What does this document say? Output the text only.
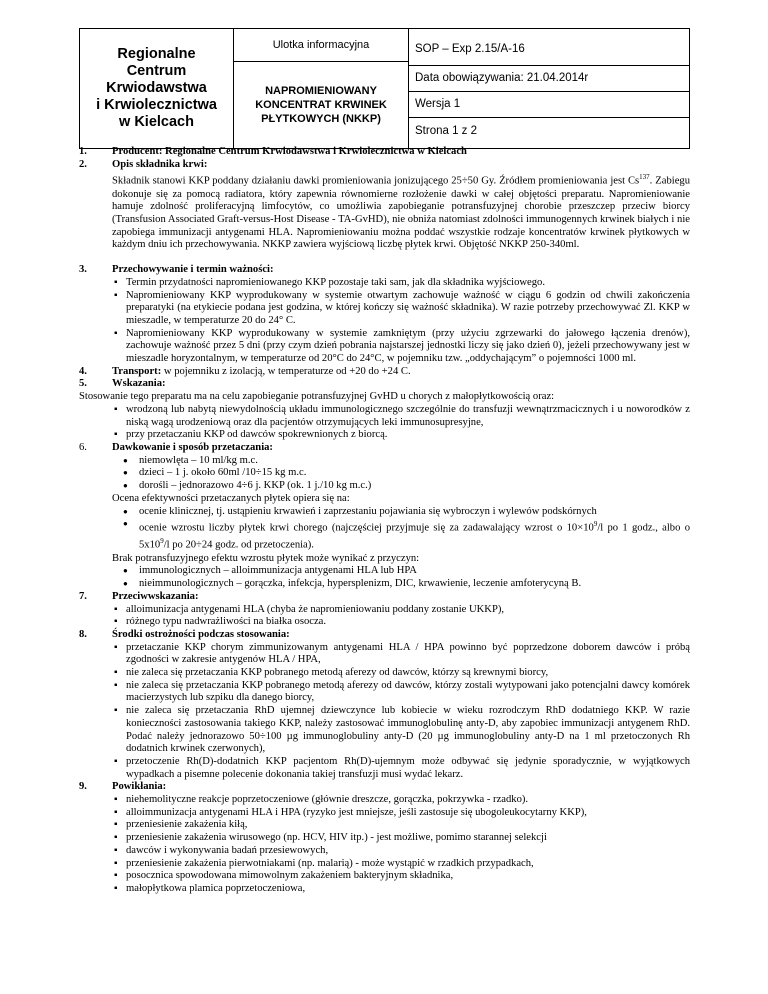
Regionalne
Centrum
Krwiodawstwa
i Krwiolecznictwa
w Kielcach

Ulotka informacyjna
NAPROMIENIOWANY KONCENTRAT KRWINEK PŁYTKOWYCH (NKKP)

SOP – Exp 2.15/A-16
Data obowiązywania: 21.04.2014r
Wersja 1
Strona 1 z 2
1. Producent: Regionalne Centrum Krwiodawstwa i Krwiolecznictwa w Kielcach
2. Opis składnika krwi:
Składnik stanowi KKP poddany działaniu dawki promieniowania jonizującego 25÷50 Gy. Źródłem promieniowania jest Cs$^{137}$. Zabiegu dokonuje się za pomocą radiatora, który zapewnia równomierne rozłożenie dawki w całej objętości preparatu. Napromieniowanie hamuje zdolność proliferacyjną limfocytów, co umożliwia zapobieganie potransfuzyjnej chorobie przeszczep przeciw biorcy (Transfusion Associated Graft-versus-Host Disease - TA-GvHD), nie obniża natomiast zdolności immunogennych krwinek białych i nie zapobiega immunizacji antygenami HLA. Napromieniowaniu można poddać wszystkie rodzaje koncentratów krwinek płytkowych w każdym dniu ich przechowywania. NKKP zawiera wyjściową liczbę płytek krwi. Objętość NKKP 250-340ml.
3. Przechowywanie i termin ważności:
▪ Termin przydatności napromieniowanego KKP pozostaje taki sam, jak dla składnika wyjściowego.
▪ Napromieniowany KKP wyprodukowany w systemie otwartym zachowuje ważność w ciągu 6 godzin od chwili zakończenia preparatyki (na etykiecie podana jest godzina, w której kończy się ważność składnika). W razie potrzeby przechowywać Zl. KKP w mieszadle, w temperaturze 20 do 24° C.
▪ Napromieniowany KKP wyprodukowany w systemie zamkniętym (przy użyciu zgrzewarki do jałowego łączenia drenów), zachowuje ważność przez 5 dni (przy czym dzień pobrania najstarszej jednostki liczy się jako dzień 0), jeżeli przechowywany jest w mieszadle horyzontalnym, w temperaturze od 20°C do 24°C, w pojemniku tzw. „oddychającym” o pojemności 1000 ml.
4. Transport: w pojemniku z izolacją, w temperaturze od +20 do +24 C.
5. Wskazania:
Stosowanie tego preparatu ma na celu zapobieganie potransfuzyjnej GvHD u chorych z małopłytkowością oraz:
▪ wrodzoną lub nabytą niewydolnością układu immunologicznego szczególnie do transfuzji wewnątrzmacicznych i u noworodków z niską wagą urodzeniową oraz dla pacjentów otrzymujących leki immunosupresyjne,
▪ przy przetaczaniu KKP od dawców spokrewnionych z biorcą.
6. Dawkowanie i sposób przetaczania:
● niemowlęta – 10 ml/kg m.c.
● dzieci – 1 j. około 60ml /10÷15 kg m.c.
● dorośli – jednorazowo 4÷6 j. KKP (ok. 1 j./10 kg m.c.)
Ocena efektywności przetaczanych płytek opiera się na:
● ocenie klinicznej, tj. ustąpieniu krwawień i zaprzestaniu pojawiania się wybroczyn i wylewów podskórnych
● ocenie wzrostu liczby płytek krwi chorego (najczęściej przyjmuje się za zadawalający wzrost o $10\times 10^9/l$ po 1 godz., albo o $5x10^9/l$ po 20÷24 godz. od przetoczenia).
Brak potransfuzyjnego efektu wzrostu płytek może wynikać z przyczyn:
● immunologicznych – alloimmunizacja antygenami HLA lub HPA
● nieimmunologicznych – gorączka, infekcja, hypersplenizm, DIC, krwawienie, leczenie amfoterycyną B.
7. Przeciwwskazania:
▪ alloimunizacja antygenami HLA (chyba że napromieniowaniu poddany zostanie UKKP),
▪ różnego typu nadwrażliwości na białka osocza.
8. Środki ostrożności podczas stosowania:
▪ przetaczanie KKP chorym zimmunizowanym antygenami HLA / HPA powinno być poprzedzone doborem dawców i próbą zgodności w zakresie antygenów HLA / HPA,
▪ nie zaleca się przetaczania KKP pobranego metodą aferezy od dawców, którzy są krewnymi biorcy,
▪ nie zaleca się przetaczania KKP pobranego metodą aferezy od dawców, którzy zostali wytypowani jako potencjalni dawcy komórek macierzystych lub szpiku dla danego biorcy,
▪ nie zaleca się przetaczania RhD ujemnej dziewczynce lub kobiecie w wieku rozrodczym RhD dodatniego KKP. W razie konieczności zastosowania takiego KKP, należy zastosować immunoglobulinę anty-D, aby zapobiec immunizacji antygenem RhD. Podać należy jednorazowo 50÷100 µg immunoglobuliny anty-D (20 µg immunoglobuliny anty-D na 1 ml przetoczonych Rh dodatnich krwinek czerwonych),
▪ przetoczenie Rh(D)-dodatnich KKP pacjentom Rh(D)-ujemnym może odbywać się jedynie sporadycznie, w wyjątkowych wypadkach a pisemne polecenie dokonania takiej transfuzji musi wydać lekarz.
9. Powikłania:
▪ niehemolityczne reakcje poprzetoczeniowe (głównie dreszcze, gorączka, pokrzywka - rzadko).
▪ alloimmunizacja antygenami HLA i HPA (ryzyko jest mniejsze, jeśli zastosuje się ubogoleukocytarny KKP),
▪ przeniesienie zakażenia kiłą,
▪ przeniesienie zakażenia wirusowego (np. HCV, HIV itp.) - jest możliwe, pomimo starannej selekcji
▪ dawców i wykonywania badań przesiewowych,
▪ przeniesienie zakażenia pierwotniakami (np. malarią) - może wystąpić w rzadkich przypadkach,
▪ posocznica spowodowana mimowolnym zakażeniem bakteryjnym składnika,
▪ małopłytkowa plamica poprzetoczeniowa,
